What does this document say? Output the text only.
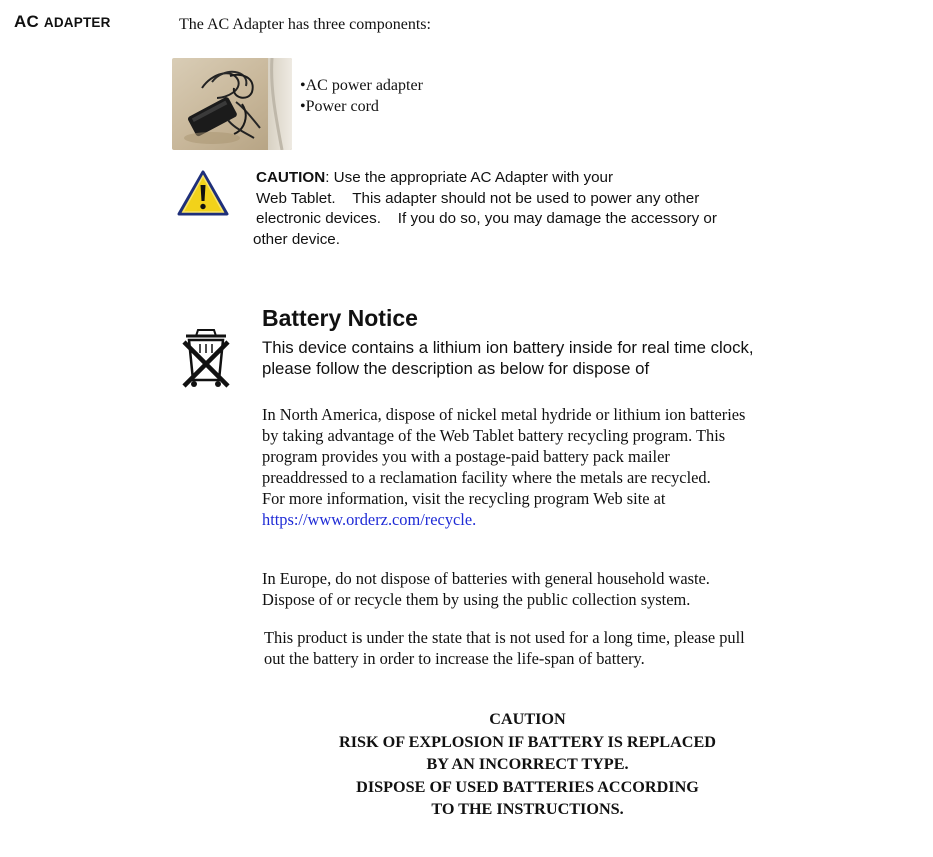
AC ADAPTER	The AC Adapter has three components:
•AC power adapter
•Power cord
CAUTION: Use the appropriate AC Adapter with your
Web Tablet.    This adapter should not be used to power any other
electronic devices.    If you do so, you may damage the accessory or
other device.
Battery Notice
This device contains a lithium ion battery inside for real time clock,
please follow the description as below for dispose of
In North America, dispose of nickel metal hydride or lithium ion batteries
by taking advantage of the Web Tablet battery recycling program. This
program provides you with a postage-paid battery pack mailer
preaddressed to a reclamation facility where the metals are recycled.
For more information, visit the recycling program Web site at
https://www.orderz.com/recycle.
In Europe, do not dispose of batteries with general household waste.
Dispose of or recycle them by using the public collection system.
This product is under the state that is not used for a long time, please pull
out the battery in order to increase the life-span of battery.
CAUTION
RISK OF EXPLOSION IF BATTERY IS REPLACED
BY AN INCORRECT TYPE.
DISPOSE OF USED BATTERIES ACCORDING
TO THE INSTRUCTIONS.
